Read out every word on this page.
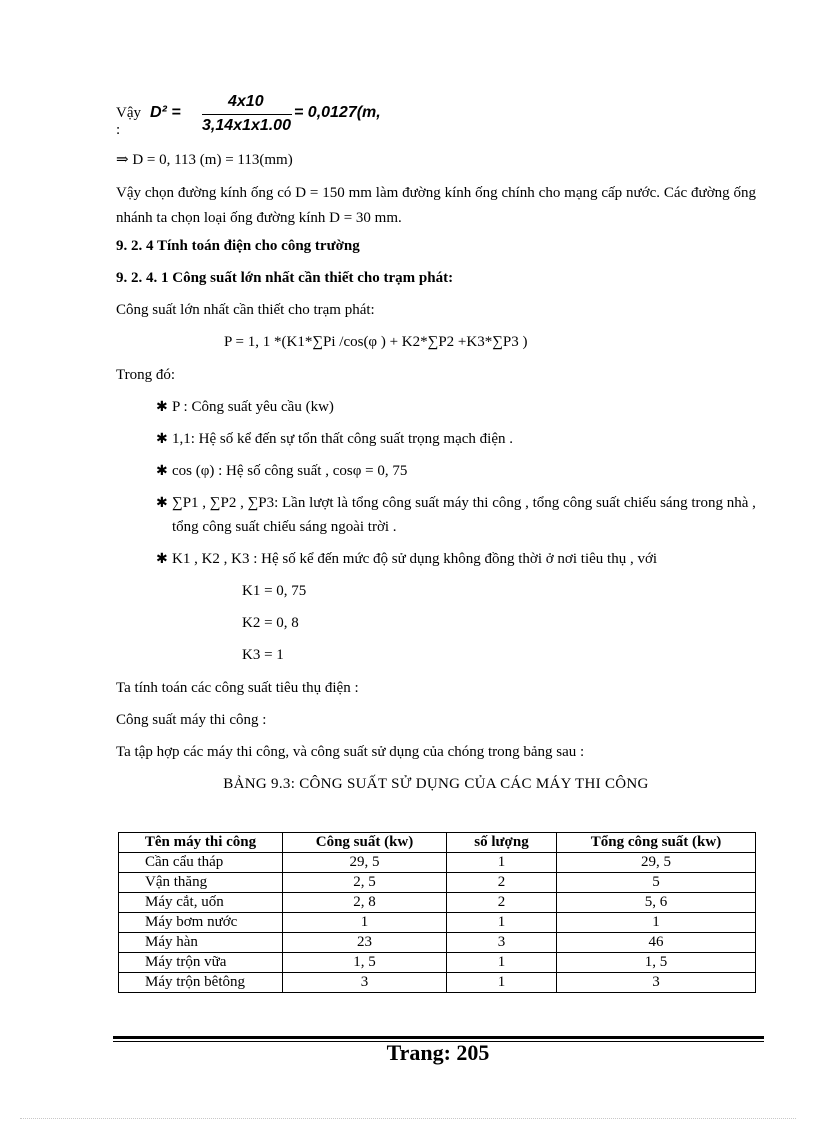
Vậy :
D² =
4x10
3,14x1x1.00
= 0,0127(m,
⇒ D = 0, 113 (m) = 113(mm)
Vậy chọn đường kính ống có D = 150 mm làm đường kính ống chính cho mạng cấp nước. Các đường ống nhánh ta chọn loại ống đường kính D = 30 mm.
9. 2. 4 Tính toán điện cho công trường
9. 2. 4. 1 Công suất lớn nhất cần thiết cho trạm phát:
Công suất lớn nhất cần thiết cho trạm phát:
P = 1, 1 *(K1*∑Pi /cos(φ ) + K2*∑P2 +K3*∑P3 )
Trong đó:
✱ P : Công suất yêu cầu (kw)
✱ 1,1: Hệ số kể đến sự tổn thất công suất trọng mạch điện .
✱ cos (φ) : Hệ số công suất , cosφ = 0, 75
✱ ∑P1 , ∑P2 , ∑P3: Lần lượt là tổng công suất máy thi công , tổng công suất chiếu sáng trong nhà , tổng công suất chiếu sáng ngoài trời .
✱ K1 , K2 , K3 : Hệ số kể đến mức độ sử dụng không đồng thời ở nơi tiêu thụ , với
K1 = 0, 75
K2 = 0, 8
K3 = 1
Ta tính toán các công suất tiêu thụ điện :
Công suất máy thi công :
Ta tập hợp các máy thi công, và công suất sử dụng của chóng trong bảng sau :
BẢNG 9.3: CÔNG SUẤT SỬ DỤNG CỦA CÁC MÁY THI CÔNG
Tên máy thi công	Công suất (kw)	số lượng	Tổng công suất (kw)
Cần cẩu tháp	29, 5	1	29, 5
Vận thăng	2, 5	2	5
Máy cắt, uốn	2, 8	2	5, 6
Máy bơm nước	1	1	1
Máy hàn	23	3	46
Máy trộn vữa	1, 5	1	1, 5
Máy trộn bêtông	3	1	3
Trang: 205
